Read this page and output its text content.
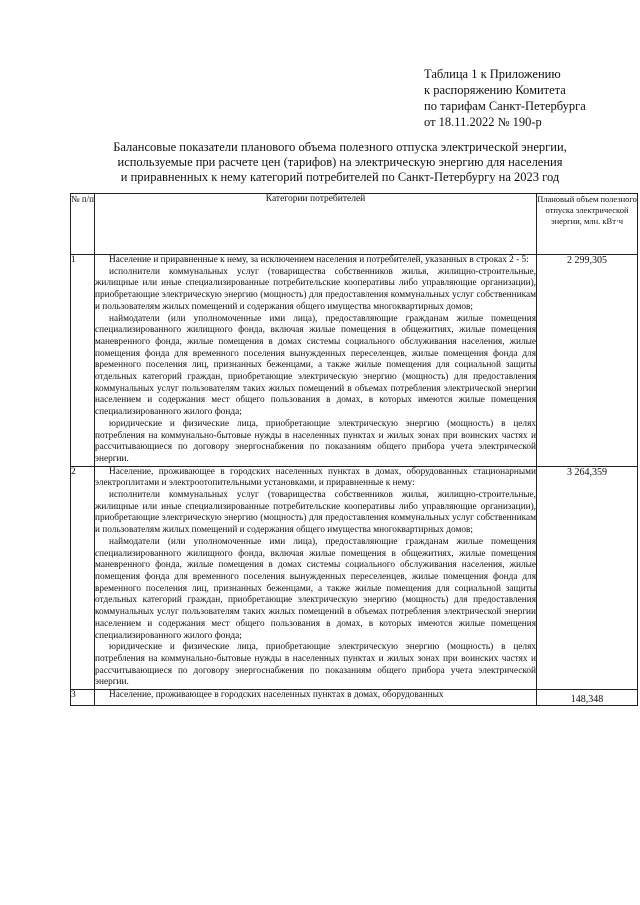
Таблица 1 к Приложению
к распоряжению Комитета
по тарифам Санкт-Петербурга
от 18.11.2022 № 190-р
Балансовые показатели планового объема полезного отпуска электрической энергии,
используемые при расчете цен (тарифов) на электрическую энергию для населения
и приравненных к нему категорий потребителей по Санкт-Петербургу на 2023 год
№ п/п	Категории потребителей	Плановый объем полезного отпуска электрической энергии, млн. кВт·ч
1	Население и приравненные к нему, за исключением населения и потребителей, указанных в строках 2 - 5:

исполнители коммунальных услуг (товарищества собственников жилья, жилищно-строительные, жилищные или иные специализированные потребительские кооперативы либо управляющие организации), приобретающие электрическую энергию (мощность) для предоставления коммунальных услуг собственникам и пользователям жилых помещений и содержания общего имущества многоквартирных домов;

наймодатели (или уполномоченные ими лица), предоставляющие гражданам жилые помещения специализированного жилищного фонда, включая жилые помещения в общежитиях, жилые помещения маневренного фонда, жилые помещения в домах системы социального обслуживания населения, жилые помещения фонда для временного поселения вынужденных переселенцев, жилые помещения фонда для временного поселения лиц, признанных беженцами, а также жилые помещения для социальной защиты отдельных категорий граждан, приобретающие электрическую энергию (мощность) для предоставления коммунальных услуг пользователям таких жилых помещений в объемах потребления электрической энергии населением и содержания мест общего пользования в домах, в которых имеются жилые помещения специализированного жилого фонда;

юридические и физические лица, приобретающие электрическую энергию (мощность) в целях потребления на коммунально-бытовые нужды в населенных пунктах и жилых зонах при воинских частях и рассчитывающиеся по договору энергоснабжения по показаниям общего прибора учета электрической энергии.	2 299,305
2	Население, проживающее в городских населенных пунктах в домах, оборудованных стационарными электроплитами и электроотопительными установками, и приравненные к нему:

исполнители коммунальных услуг (товарищества собственников жилья, жилищно-строительные, жилищные или иные специализированные потребительские кооперативы либо управляющие организации), приобретающие электрическую энергию (мощность) для предоставления коммунальных услуг собственникам и пользователям жилых помещений и содержания общего имущества многоквартирных домов;

наймодатели (или уполномоченные ими лица), предоставляющие гражданам жилые помещения специализированного жилищного фонда, включая жилые помещения в общежитиях, жилые помещения маневренного фонда, жилые помещения в домах системы социального обслуживания населения, жилые помещения фонда для временного поселения вынужденных переселенцев, жилые помещения фонда для временного поселения лиц, признанных беженцами, а также жилые помещения для социальной защиты отдельных категорий граждан, приобретающие электрическую энергию (мощность) для предоставления коммунальных услуг пользователям таких жилых помещений в объемах потребления электрической энергии населением и содержания мест общего пользования в домах, в которых имеются жилые помещения специализированного жилого фонда;

юридические и физические лица, приобретающие электрическую энергию (мощность) в целях потребления на коммунально-бытовые нужды в населенных пунктах и жилых зонах при воинских частях и рассчитывающиеся по договору энергоснабжения по показаниям общего прибора учета электрической энергии.	3 264,359
3	Население, проживающее в городских населенных пунктах в домах, оборудованных	148,348
